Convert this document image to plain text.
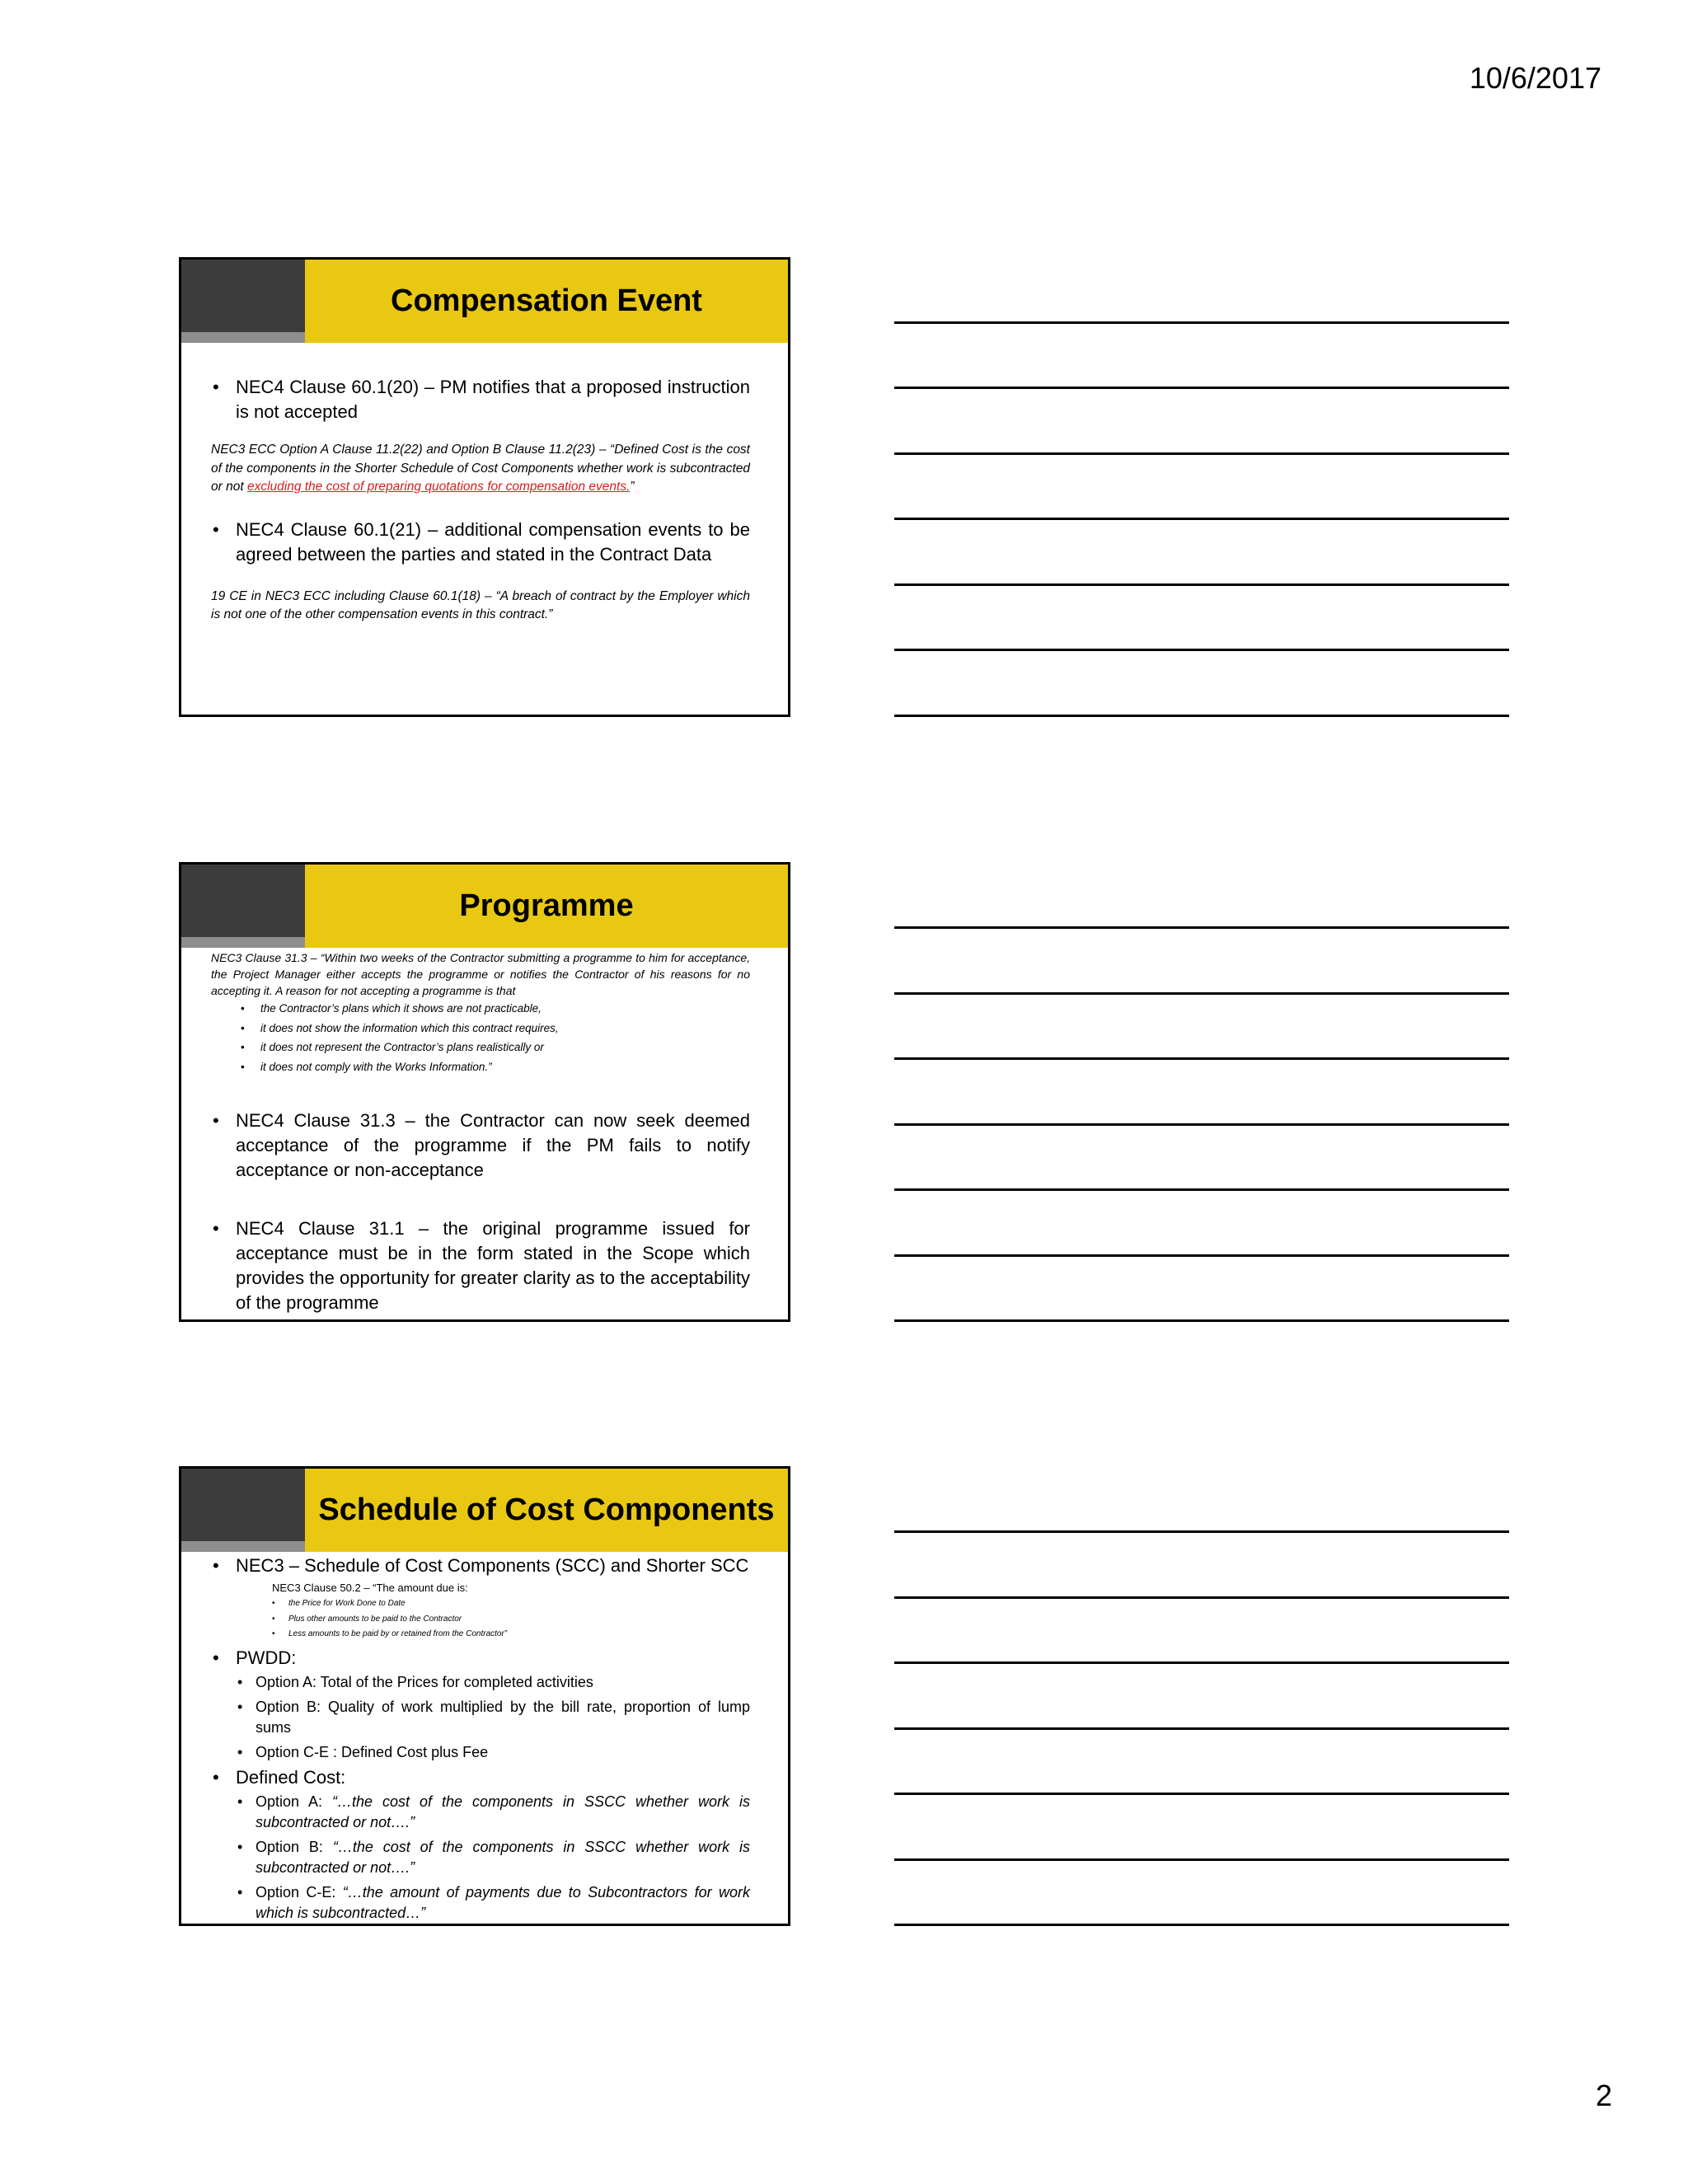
10/6/2017
Compensation Event

• NEC4 Clause 60.1(20) – PM notifies that a proposed instruction is not accepted

NEC3 ECC Option A Clause 11.2(22) and Option B Clause 11.2(23) – “Defined Cost is the cost of the components in the Shorter Schedule of Cost Components whether work is subcontracted or not excluding the cost of preparing quotations for compensation events.”

• NEC4 Clause 60.1(21) – additional compensation events to be agreed between the parties and stated in the Contract Data

19 CE in NEC3 ECC including Clause 60.1(18) – “A breach of contract by the Employer which is not one of the other compensation events in this contract.”

Programme

NEC3 Clause 31.3 – “Within two weeks of the Contractor submitting a programme to him for acceptance, the Project Manager either accepts the programme or notifies the Contractor of his reasons for no accepting it. A reason for not accepting a programme is that

• the Contractor’s plans which it shows are not practicable,
• it does not show the information which this contract requires,
• it does not represent the Contractor’s plans realistically or
• it does not comply with the Works Information.”

• NEC4 Clause 31.3 – the Contractor can now seek deemed acceptance of the programme if the PM fails to notify acceptance or non-acceptance

• NEC4 Clause 31.1 – the original programme issued for acceptance must be in the form stated in the Scope which provides the opportunity for greater clarity as to the acceptability of the programme

Schedule of Cost Components

• NEC3 – Schedule of Cost Components (SCC) and Shorter SCC

NEC3 Clause 50.2 – “The amount due is:

• the Price for Work Done to Date
• Plus other amounts to be paid to the Contractor
• Less amounts to be paid by or retained from the Contractor”

• PWDD:

• Option A: Total of the Prices for completed activities

• Option B: Quality of work multiplied by the bill rate, proportion of lump sums

• Option C-E : Defined Cost plus Fee

• Defined Cost:

• Option A: “…the cost of the components in SSCC whether work is subcontracted or not….”

• Option B: “…the cost of the components in SSCC whether work is subcontracted or not….”

• Option C-E: “…the amount of payments due to Subcontractors for work which is subcontracted…”

2
